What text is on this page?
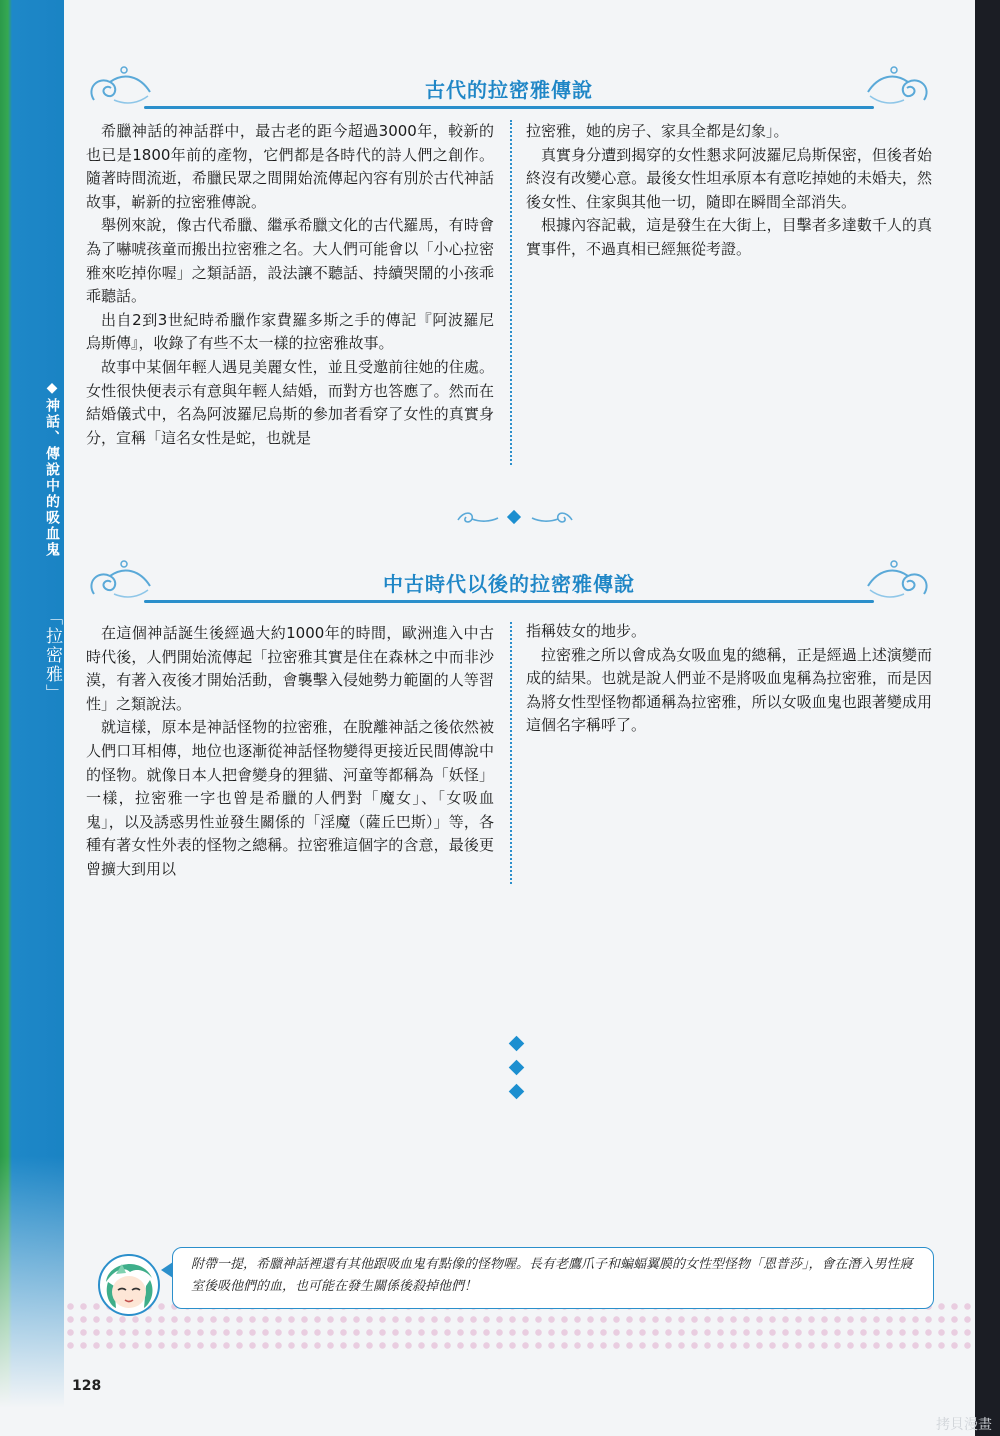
◆神話、傳說中的吸血鬼
「拉密雅」
古代的拉密雅傳說

希臘神話的神話群中，最古老的距今超過3000年，較新的也已是1800年前的產物，它們都是各時代的詩人們之創作。隨著時間流逝，希臘民眾之間開始流傳起內容有別於古代神話故事，嶄新的拉密雅傳說。

舉例來說，像古代希臘、繼承希臘文化的古代羅馬，有時會為了嚇唬孩童而搬出拉密雅之名。大人們可能會以「小心拉密雅來吃掉你喔」之類話語，設法讓不聽話、持續哭鬧的小孩乖乖聽話。

出自2到3世紀時希臘作家費羅多斯之手的傳記『阿波羅尼烏斯傳』，收錄了有些不太一樣的拉密雅故事。

故事中某個年輕人遇見美麗女性，並且受邀前往她的住處。女性很快便表示有意與年輕人結婚，而對方也答應了。然而在結婚儀式中，名為阿波羅尼烏斯的參加者看穿了女性的真實身分，宣稱「這名女性是蛇，也就是

拉密雅，她的房子、家具全都是幻象」。

真實身分遭到揭穿的女性懇求阿波羅尼烏斯保密，但後者始終沒有改變心意。最後女性坦承原本有意吃掉她的未婚夫，然後女性、住家與其他一切，隨即在瞬間全部消失。

根據內容記載，這是發生在大街上，目擊者多達數千人的真實事件，不過真相已經無從考證。

中古時代以後的拉密雅傳說

在這個神話誕生後經過大約1000年的時間，歐洲進入中古時代後，人們開始流傳起「拉密雅其實是住在森林之中而非沙漠，有著入夜後才開始活動，會襲擊入侵她勢力範圍的人等習性」之類說法。

就這樣，原本是神話怪物的拉密雅，在脫離神話之後依然被人們口耳相傳，地位也逐漸從神話怪物變得更接近民間傳說中的怪物。就像日本人把會變身的狸貓、河童等都稱為「妖怪」一樣，拉密雅一字也曾是希臘的人們對「魔女」、「女吸血鬼」，以及誘惑男性並發生關係的「淫魔（薩丘巴斯）」等，各種有著女性外表的怪物之總稱。拉密雅這個字的含意，最後更曾擴大到用以

指稱妓女的地步。

拉密雅之所以會成為女吸血鬼的總稱，正是經過上述演變而成的結果。也就是說人們並不是將吸血鬼稱為拉密雅，而是因為將女性型怪物都通稱為拉密雅，所以女吸血鬼也跟著變成用這個名字稱呼了。

附帶一提，希臘神話裡還有其他跟吸血鬼有點像的怪物喔。長有老鷹爪子和蝙蝠翼膜的女性型怪物「恩普莎」，會在潛入男性寢室後吸他們的血，也可能在發生關係後殺掉他們！
128
拷貝漫畫
